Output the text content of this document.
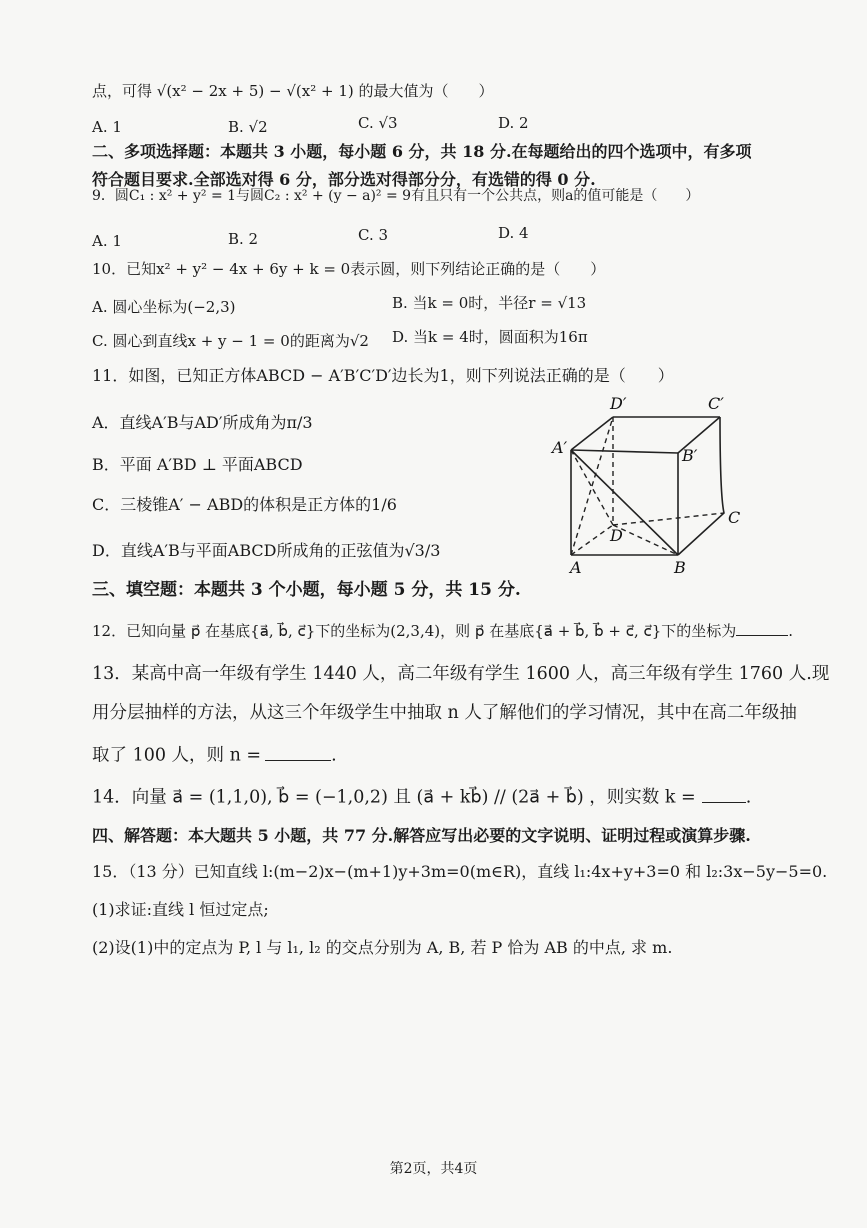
点，可得 √(x² − 2x + 5) − √(x² + 1) 的最大值为（　　）
A. 1	B. √2	C. √3	D. 2
二、多项选择题：本题共 3 小题，每小题 6 分，共 18 分.在每题给出的四个选项中，有多项
符合题目要求.全部选对得 6 分，部分选对得部分分，有选错的得 0 分.
9．圆C₁ : x² + y² = 1与圆C₂ : x² + (y − a)² = 9有且只有一个公共点，则a的值可能是（　　）
A. 1	B. 2	C. 3	D. 4
10．已知x² + y² − 4x + 6y + k = 0表示圆，则下列结论正确的是（　　）
A. 圆心坐标为(−2,3)	B. 当k = 0时，半径r = √13
C. 圆心到直线x + y − 1 = 0的距离为√2 D. 当k = 4时，圆面积为16π
11．如图，已知正方体ABCD − A′B′C′D′边长为1，则下列说法正确的是（　　）
A．直线A′B与AD′所成角为π/3
B．平面 A′BD ⊥ 平面ABCD
C．三棱锥A′ − ABD的体积是正方体的1/6
D．直线A′B与平面ABCD所成角的正弦值为√3/3
D′	C′
A′	B′
D
C
A	B
三、填空题：本题共 3 个小题，每小题 5 分，共 15 分.
12．已知向量 p⃗ 在基底{a⃗, b⃗, c⃗}下的坐标为(2,3,4)，则 p⃗ 在基底{a⃗ + b⃗, b⃗ + c⃗, c⃗}下的坐标为	.
13．某高中高一年级有学生 1440 人，高二年级有学生 1600 人，高三年级有学生 1760 人.现
用分层抽样的方法，从这三个年级学生中抽取 n 人了解他们的学习情况，其中在高二年级抽
取了 100 人，则 n =	.
14．向量 a⃗ = (1,1,0), b⃗ = (−1,0,2) 且 (a⃗ + kb⃗) // (2a⃗ + b⃗) ，则实数 k =	.
四、解答题：本大题共 5 小题，共 77 分.解答应写出必要的文字说明、证明过程或演算步骤.
15．（13 分）已知直线 l:(m−2)x−(m+1)y+3m=0(m∈R)，直线 l₁:4x+y+3=0 和 l₂:3x−5y−5=0.
(1)求证:直线 l 恒过定点;
(2)设(1)中的定点为 P, l 与 l₁, l₂ 的交点分别为 A, B, 若 P 恰为 AB 的中点, 求 m.
第2页，共4页
